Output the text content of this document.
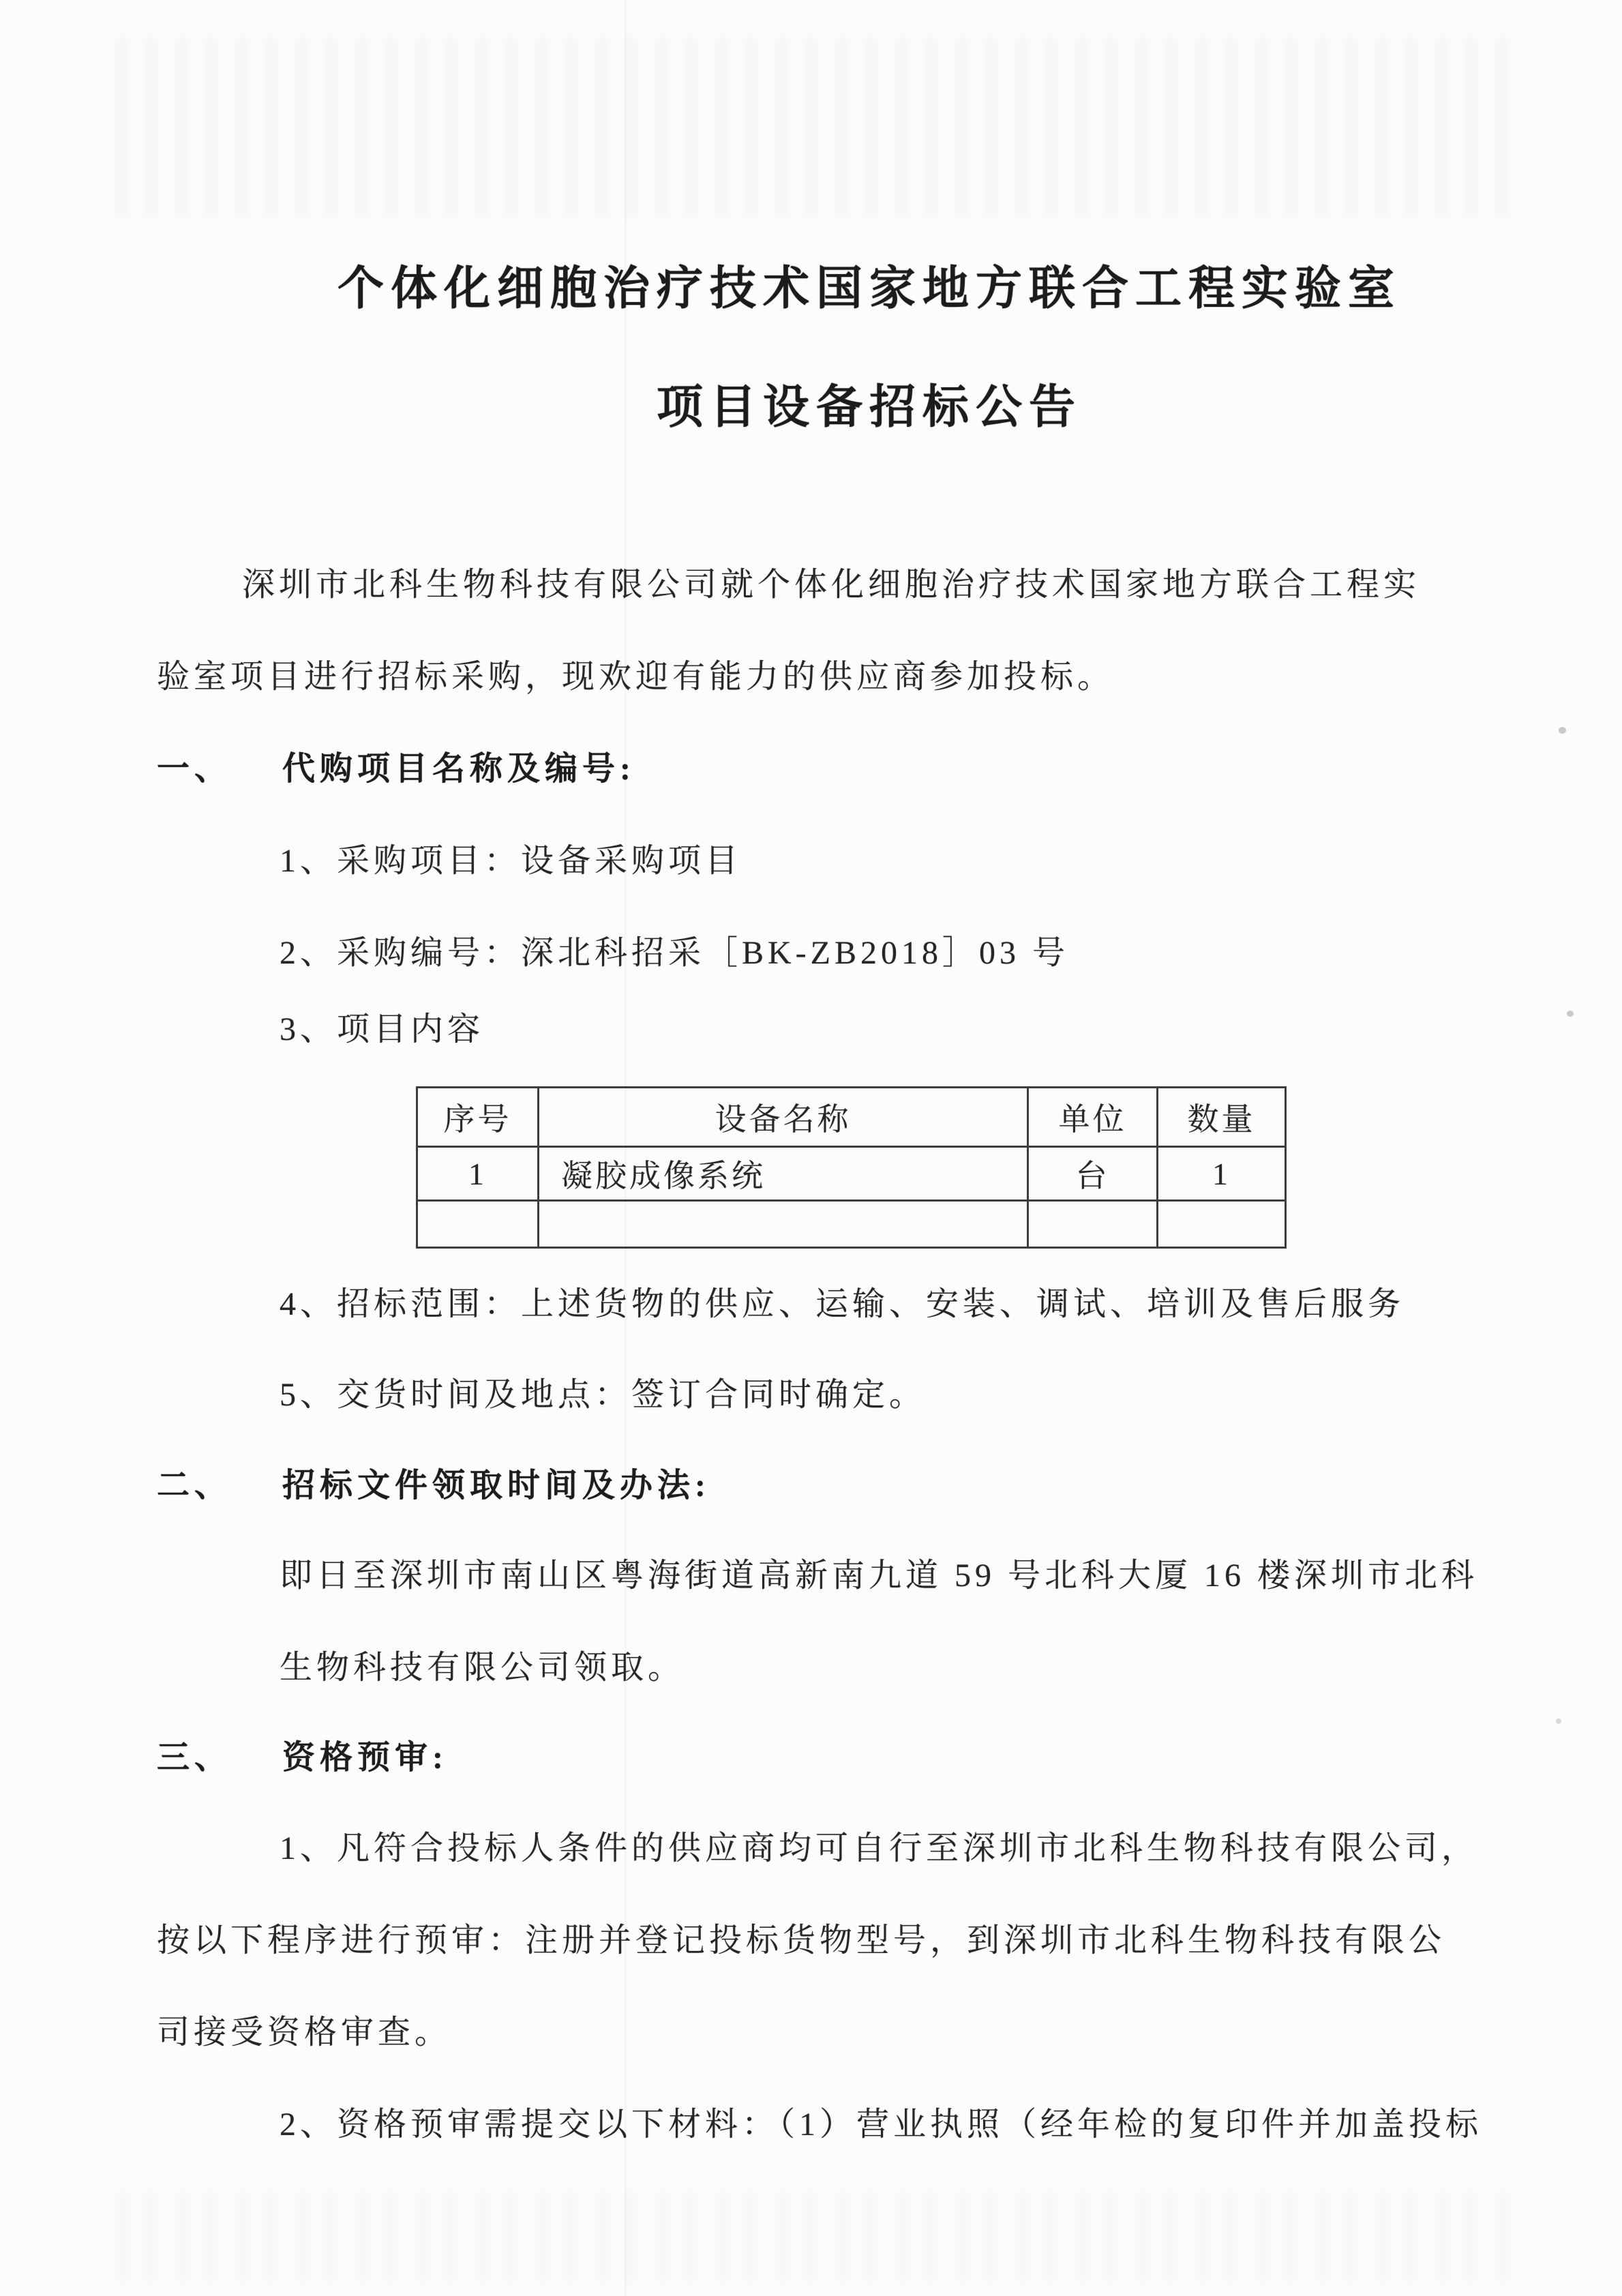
个体化细胞治疗技术国家地方联合工程实验室
项目设备招标公告
深圳市北科生物科技有限公司就个体化细胞治疗技术国家地方联合工程实
验室项目进行招标采购，现欢迎有能力的供应商参加投标。
一、	代购项目名称及编号:
1、采购项目：设备采购项目
2、采购编号：深北科招采［BK-ZB2018］03 号
3、项目内容
序号	设备名称	单位	数量
1	凝胶成像系统	台	1

4、招标范围：上述货物的供应、运输、安装、调试、培训及售后服务
5、交货时间及地点：签订合同时确定。
二、	招标文件领取时间及办法:
即日至深圳市南山区粤海街道高新南九道 59 号北科大厦 16 楼深圳市北科
生物科技有限公司领取。
三、	资格预审:
1、凡符合投标人条件的供应商均可自行至深圳市北科生物科技有限公司，
按以下程序进行预审：注册并登记投标货物型号，到深圳市北科生物科技有限公
司接受资格审查。
2、资格预审需提交以下材料：（1）营业执照（经年检的复印件并加盖投标
